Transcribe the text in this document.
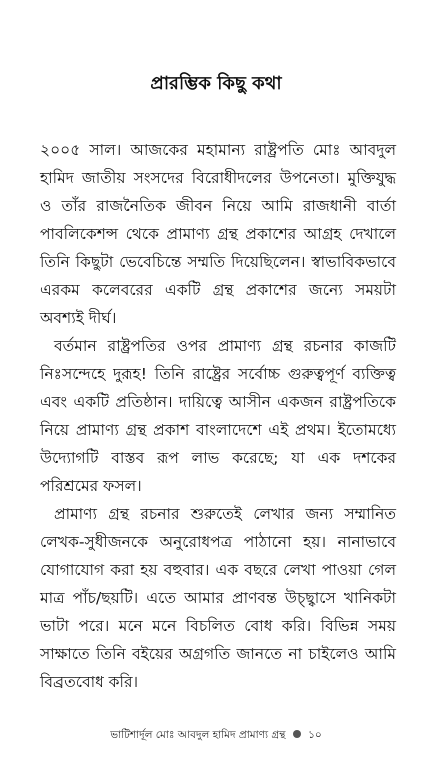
প্রারম্ভিক কিছু কথা

২০০৫ সাল। আজকের মহামান্য রাষ্ট্রপতি মোঃ আবদুল হামিদ জাতীয় সংসদের বিরোধীদলের উপনেতা। মুক্তিযুদ্ধ ও তাঁর রাজনৈতিক জীবন নিয়ে আমি রাজধানী বার্তা পাবলিকেশন্স থেকে প্রামাণ্য গ্রন্থ প্রকাশের আগ্রহ দেখালে তিনি কিছুটা ভেবেচিন্তে সম্মতি দিয়েছিলেন। স্বাভাবিকভাবে এরকম কলেবরের একটি গ্রন্থ প্রকাশের জন্যে সময়টা অবশ্যই দীর্ঘ।

বর্তমান রাষ্ট্রপতির ওপর প্রামাণ্য গ্রন্থ রচনার কাজটি নিঃসন্দেহে দুরূহ! তিনি রাষ্ট্রের সর্বোচ্চ গুরুত্বপূর্ণ ব্যক্তিত্ব এবং একটি প্রতিষ্ঠান। দায়িত্বে আসীন একজন রাষ্ট্রপতিকে নিয়ে প্রামাণ্য গ্রন্থ প্রকাশ বাংলাদেশে এই প্রথম। ইতোমধ্যে উদ্যোগটি বাস্তব রূপ লাভ করেছে; যা এক দশকের পরিশ্রমের ফসল।

প্রামাণ্য গ্রন্থ রচনার শুরুতেই লেখার জন্য সম্মানিত লেখক-সুধীজনকে অনুরোধপত্র পাঠানো হয়। নানাভাবে যোগাযোগ করা হয় বহুবার। এক বছরে লেখা পাওয়া গেল মাত্র পাঁচ/ছয়টি। এতে আমার প্রাণবন্ত উচ্ছ্বাসে খানিকটা ভাটা পরে। মনে মনে বিচলিত বোধ করি। বিভিন্ন সময় সাক্ষাতে তিনি বইয়ের অগ্রগতি জানতে না চাইলেও আমি বিব্রতবোধ করি।

ভাটিশার্দূল মোঃ আবদুল হামিদ প্রামাণ্য গ্রন্থ ১০
